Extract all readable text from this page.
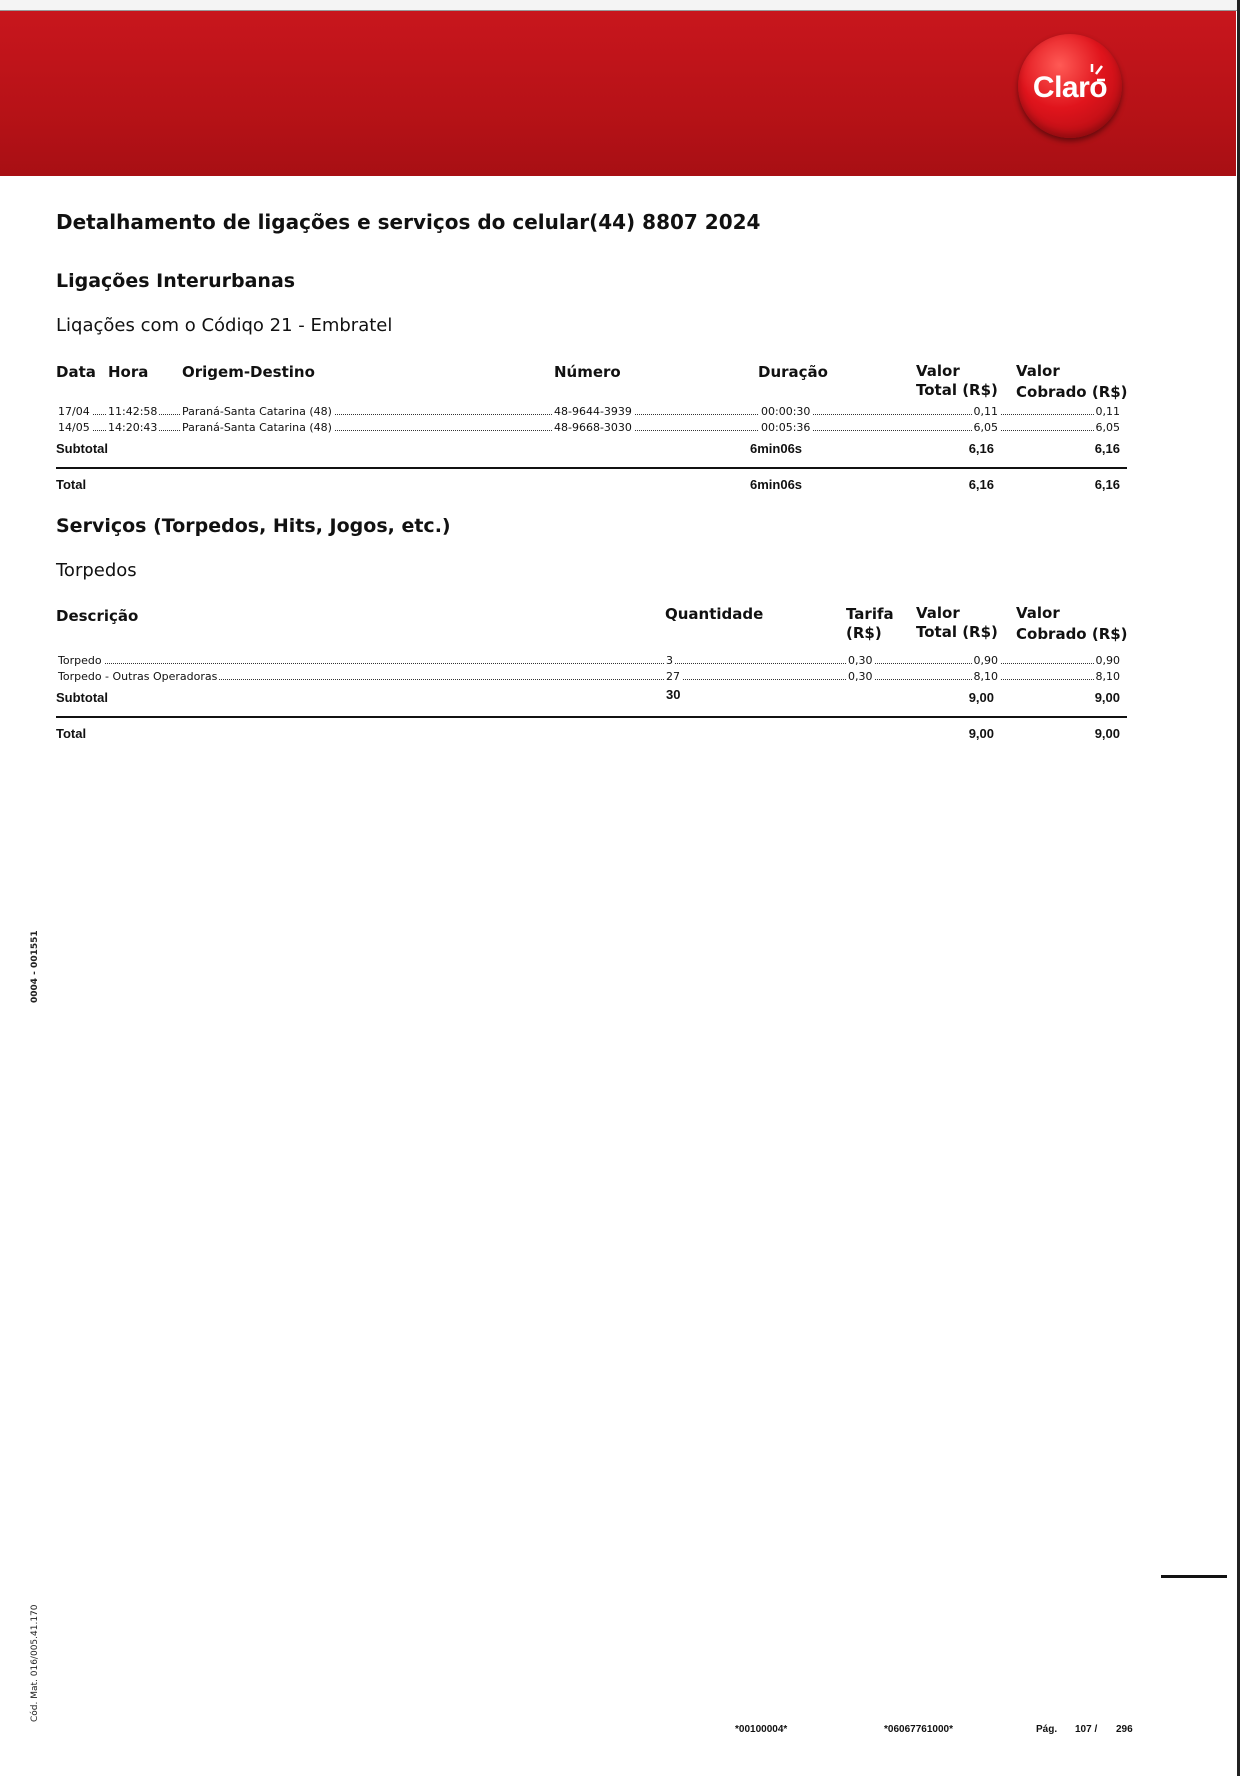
Claro
Detalhamento de ligações e serviços do celular(44) 8807 2024
Ligações Interurbanas
Liqações com o Códiqo 21 - Embratel
Data Hora Origem-Destino	Número	Duração	Valor
Total (R$)
Valor
Cobrado (R$)
17/04 11:42:58 Paraná-Santa Catarina (48)	48-9644-3939	00:00:30	0,11	0,11
14/05 14:20:43 Paraná-Santa Catarina (48)	48-9668-3030	00:05:36	6,05	6,05
Subtotal	6min06s	6,16	6,16
Total	6min06s	6,16	6,16
Serviços (Torpedos, Hits, Jogos, etc.)
Torpedos
Descrição	Quantidade	Tarifa
(R$)
Valor
Total (R$)
Valor
Cobrado (R$)
Torpedo	3	0,30	0,90	0,90
Torpedo - Outras Operadoras	27	0,30	8,10	8,10
Subtotal	30	9,00	9,00
Total	9,00	9,00
0004 - 001551
Cód. Mat. 016/005.41.170
*00100004*	*06067761000*	Pág. 107 / 296
